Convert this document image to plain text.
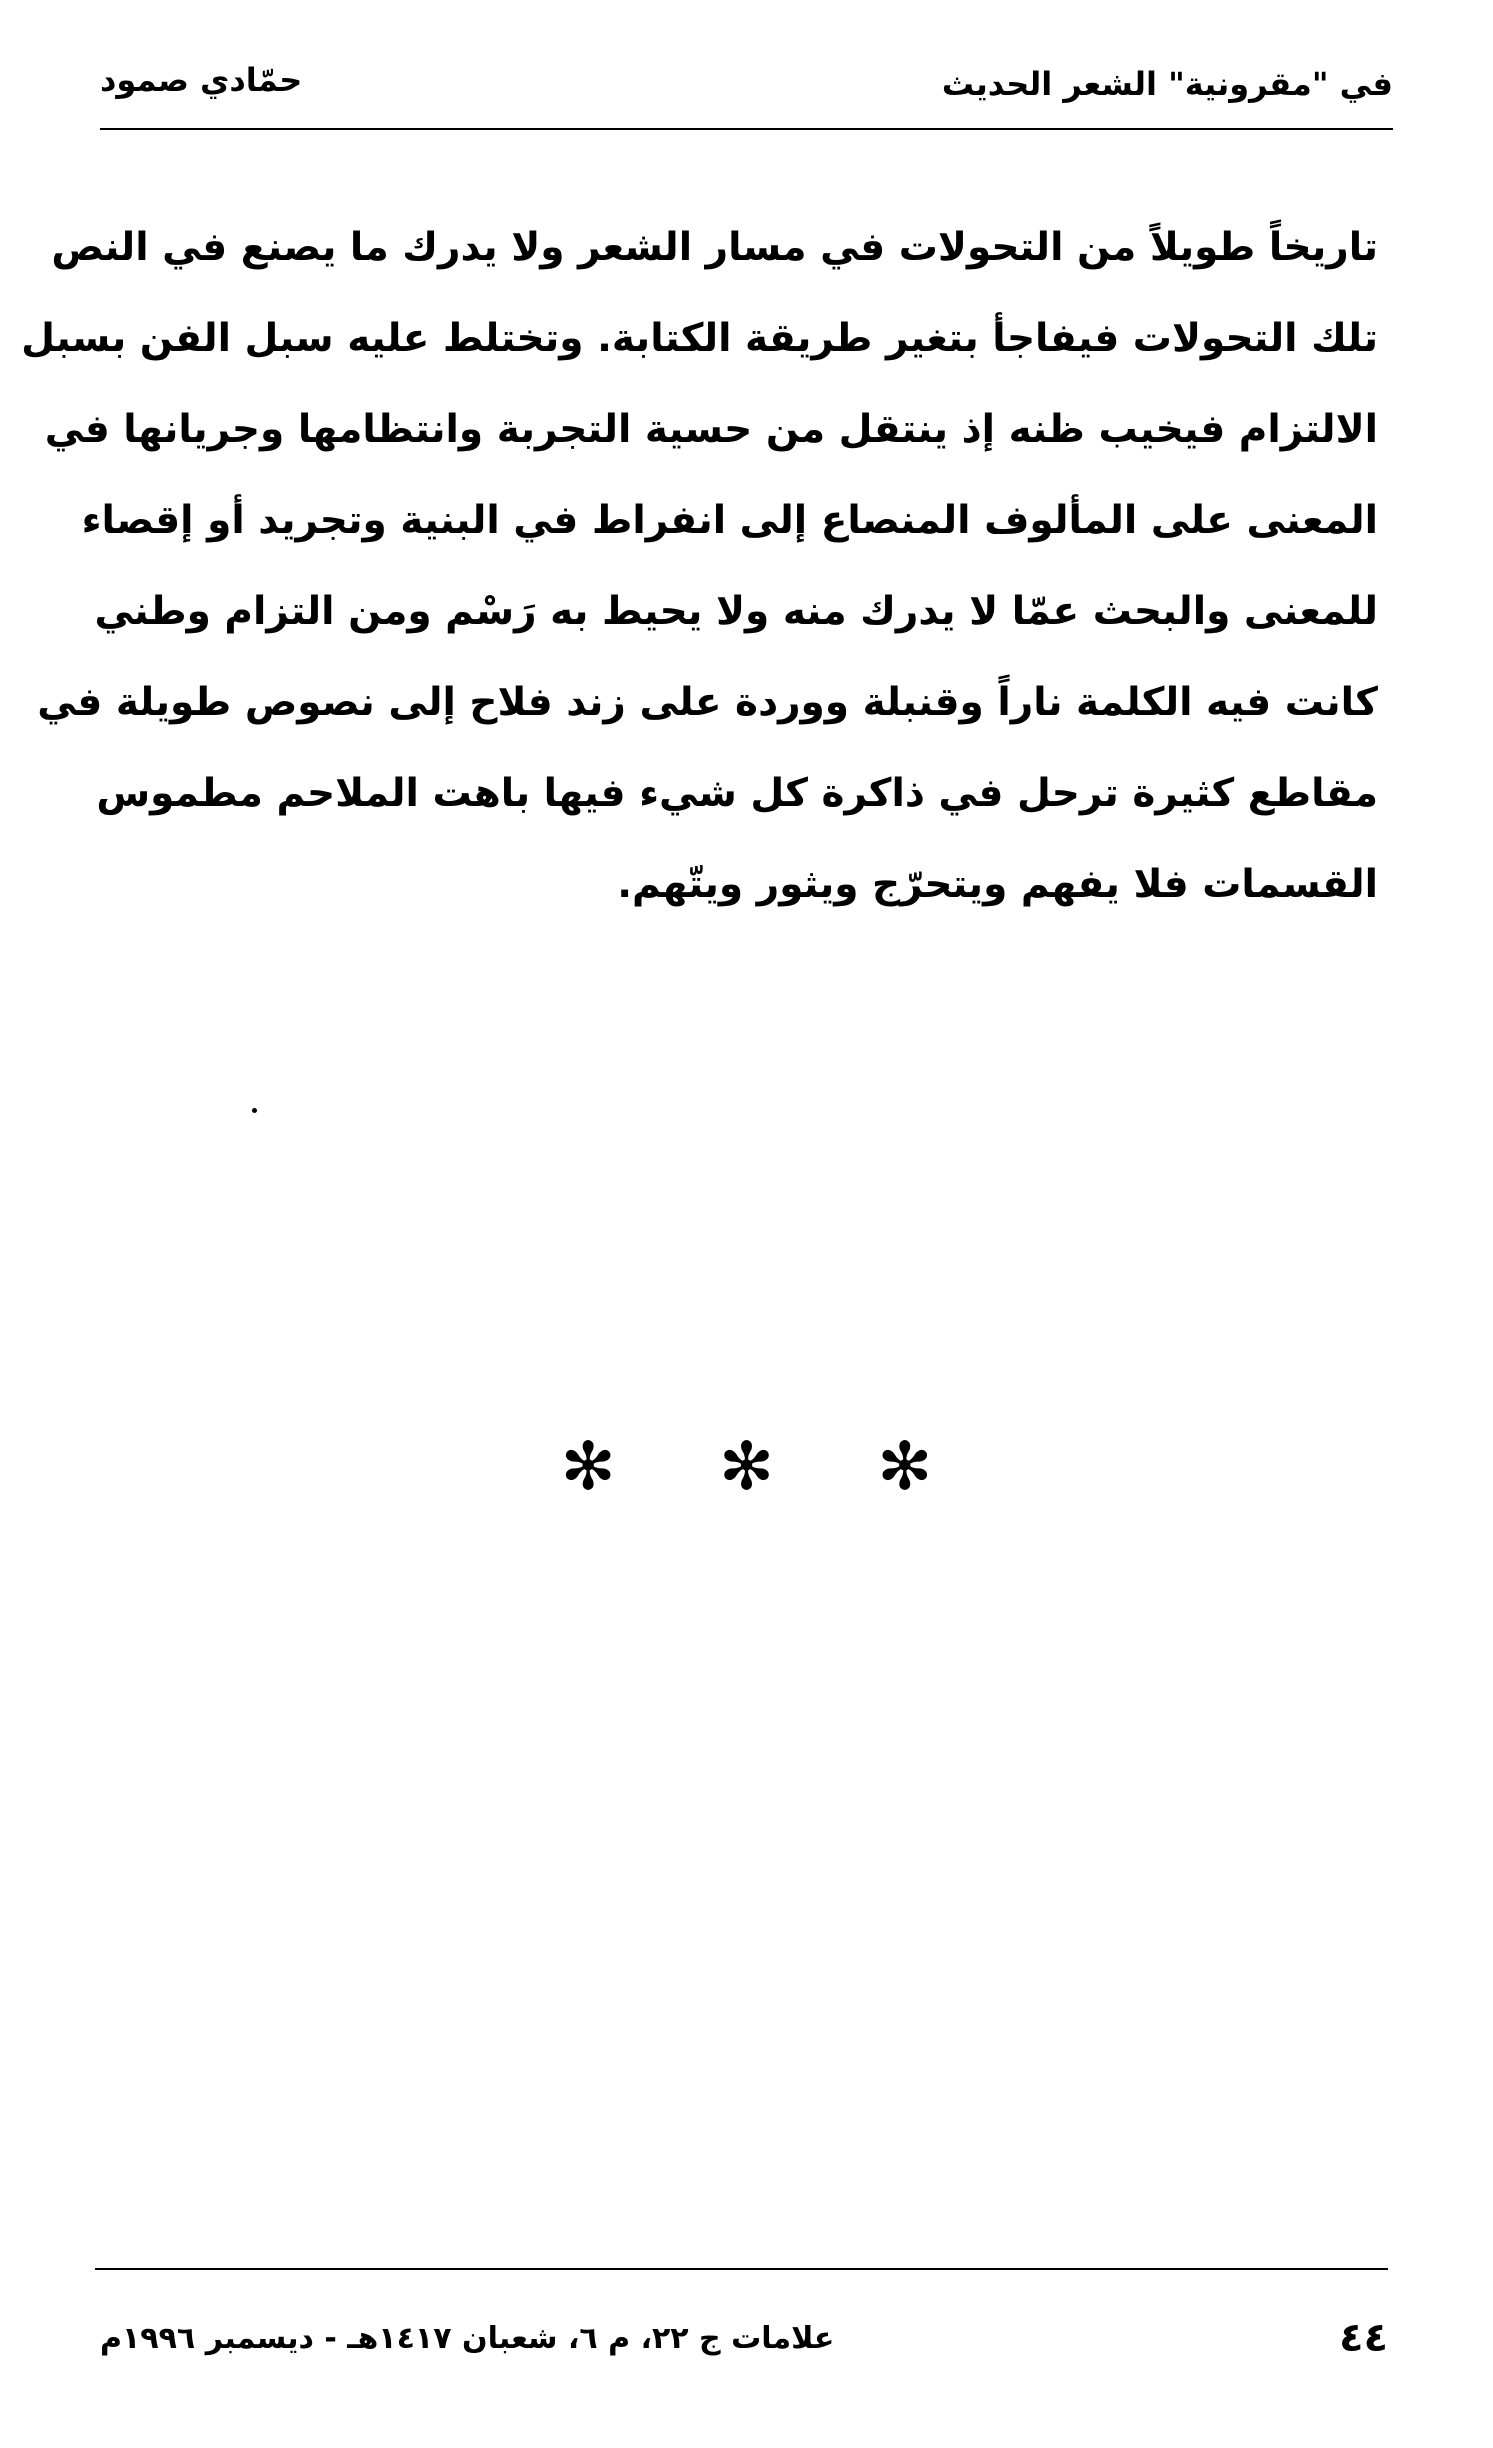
في "مقرونية" الشعر الحديث
حمّادي صمود
تاريخاً طويلاً من التحولات في مسار الشعر ولا يدرك ما يصنع في النص
تلك التحولات فيفاجأ بتغير طريقة الكتابة. وتختلط عليه سبل الفن بسبل
الالتزام فيخيب ظنه إذ ينتقل من حسية التجربة وانتظامها وجريانها في
المعنى على المألوف المنصاع إلى انفراط في البنية وتجريد أو إقصاء
للمعنى والبحث عمّا لا يدرك منه ولا يحيط به رَسْم ومن التزام وطني
كانت فيه الكلمة ناراً وقنبلة ووردة على زند فلاح إلى نصوص طويلة في
مقاطع كثيرة ترحل في ذاكرة كل شيء فيها باهت الملاحم مطموس
القسمات فلا يفهم ويتحرّج ويثور ويتّهم.
✻ ✻ ✻
٤٤
علامات ج ٢٢، م ٦، شعبان ١٤١٧هـ - ديسمبر ١٩٩٦م
